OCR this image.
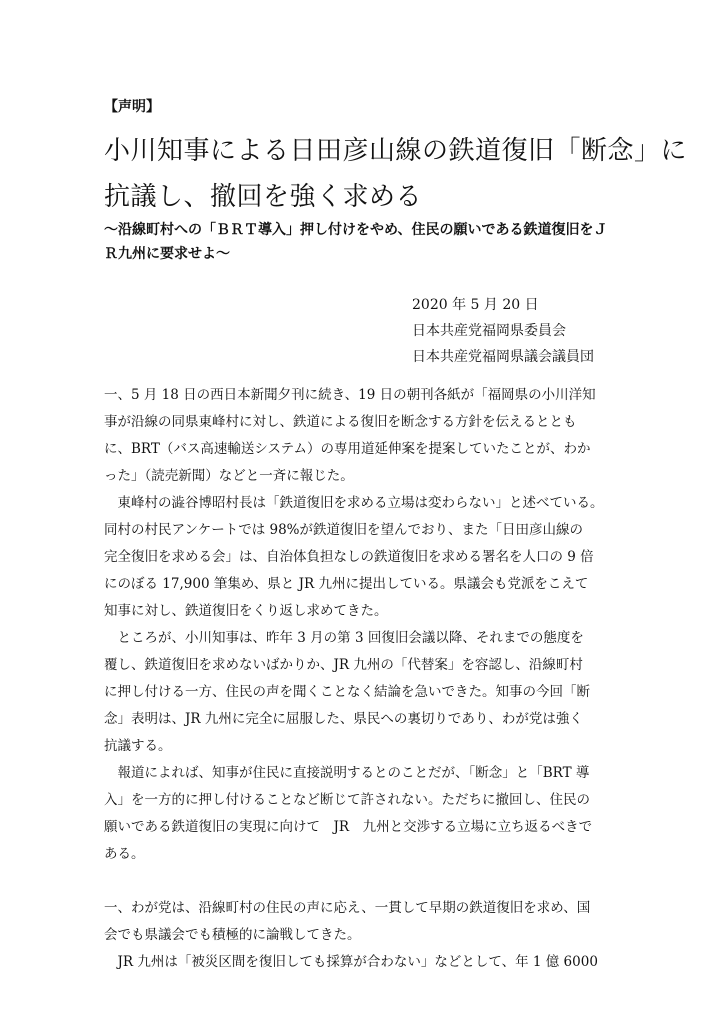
【声明】
小川知事による日田彦山線の鉄道復旧「断念」に
抗議し、撤回を強く求める
～沿線町村への「ＢＲＴ導入」押し付けをやめ、住民の願いである鉄道復旧をＪ
Ｒ九州に要求せよ～
2020 年 5 月 20 日
日本共産党福岡県委員会
日本共産党福岡県議会議員団
一、5 月 18 日の西日本新聞夕刊に続き、19 日の朝刊各紙が「福岡県の小川洋知
事が沿線の同県東峰村に対し、鉄道による復旧を断念する方針を伝えるととも
に、BRT（バス高速輸送システム）の専用道延伸案を提案していたことが、わか
った」（読売新聞）などと一斉に報じた。
　東峰村の澁谷博昭村長は「鉄道復旧を求める立場は変わらない」と述べている。
同村の村民アンケートでは 98%が鉄道復旧を望んでおり、また「日田彦山線の
完全復旧を求める会」は、自治体負担なしの鉄道復旧を求める署名を人口の 9 倍
にのぼる 17,900 筆集め、県と JR 九州に提出している。県議会も党派をこえて
知事に対し、鉄道復旧をくり返し求めてきた。
　ところが、小川知事は、昨年 3 月の第 3 回復旧会議以降、それまでの態度を
覆し、鉄道復旧を求めないばかりか、JR 九州の「代替案」を容認し、沿線町村
に押し付ける一方、住民の声を聞くことなく結論を急いできた。知事の今回「断
念」表明は、JR 九州に完全に屈服した、県民への裏切りであり、わが党は強く
抗議する。
　報道によれば、知事が住民に直接説明するとのことだが、「断念」と「BRT 導
入」を一方的に押し付けることなど断じて許されない。ただちに撤回し、住民の
願いである鉄道復旧の実現に向けて　JR　九州と交渉する立場に立ち返るべきで
ある。
一、わが党は、沿線町村の住民の声に応え、一貫して早期の鉄道復旧を求め、国
会でも県議会でも積極的に論戦してきた。
　JR 九州は「被災区間を復旧しても採算が合わない」などとして、年 1 億 6000
